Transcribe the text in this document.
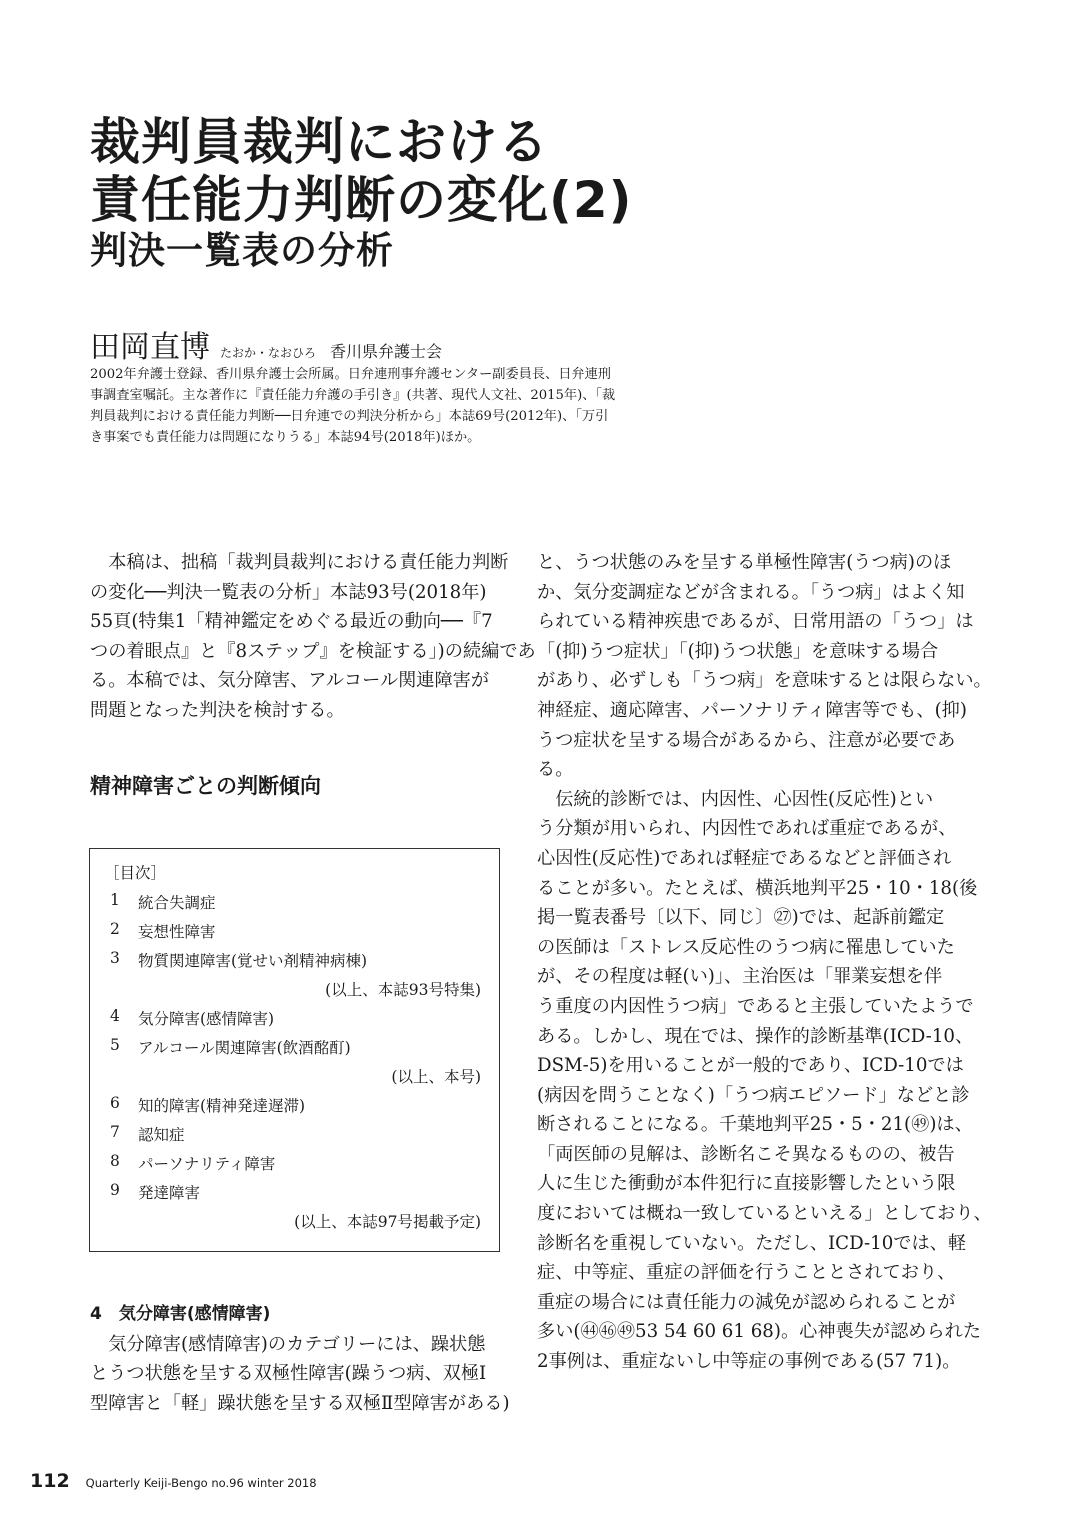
裁判員裁判における
責任能力判断の変化(2)
判決一覧表の分析
田岡直博 たおか・なおひろ 香川県弁護士会
2002年弁護士登録、香川県弁護士会所属。日弁連刑事弁護センター副委員長、日弁連刑
事調査室嘱託。主な著作に『責任能力弁護の手引き』(共著、現代人文社、2015年)、「裁
判員裁判における責任能力判断──日弁連での判決分析から」本誌69号(2012年)、「万引
き事案でも責任能力は問題になりうる」本誌94号(2018年)ほか。
　本稿は、拙稿「裁判員裁判における責任能力判断
の変化──判決一覧表の分析」本誌93号(2018年)
55頁(特集1「精神鑑定をめぐる最近の動向──『7
つの着眼点』と『8ステップ』を検証する」)の続編であ
る。本稿では、気分障害、アルコール関連障害が
問題となった判決を検討する。
精神障害ごとの判断傾向
［目次］
1 統合失調症
2 妄想性障害
3 物質関連障害(覚せい剤精神病棟)
(以上、本誌93号特集)
4 気分障害(感情障害)
5 アルコール関連障害(飲酒酩酊)
(以上、本号)
6 知的障害(精神発達遅滞)
7 認知症
8 パーソナリティ障害
9 発達障害
(以上、本誌97号掲載予定)
4　気分障害(感情障害)
　気分障害(感情障害)のカテゴリーには、躁状態
とうつ状態を呈する双極性障害(躁うつ病、双極Ⅰ
型障害と「軽」躁状態を呈する双極Ⅱ型障害がある)
と、うつ状態のみを呈する単極性障害(うつ病)のほ
か、気分変調症などが含まれる。「うつ病」はよく知
られている精神疾患であるが、日常用語の「うつ」は
「(抑)うつ症状」「(抑)うつ状態」を意味する場合
があり、必ずしも「うつ病」を意味するとは限らない。
神経症、適応障害、パーソナリティ障害等でも、(抑)
うつ症状を呈する場合があるから、注意が必要であ
る。
　伝統的診断では、内因性、心因性(反応性)とい
う分類が用いられ、内因性であれば重症であるが、
心因性(反応性)であれば軽症であるなどと評価され
ることが多い。たとえば、横浜地判平25・10・18(後
掲一覧表番号〔以下、同じ〕㉗)では、起訴前鑑定
の医師は「ストレス反応性のうつ病に罹患していた
が、その程度は軽(い)」、主治医は「罪業妄想を伴
う重度の内因性うつ病」であると主張していたようで
ある。しかし、現在では、操作的診断基準(ICD-10、
DSM-5)を用いることが一般的であり、ICD-10では
(病因を問うことなく)「うつ病エピソード」などと診
断されることになる。千葉地判平25・5・21(㊾)は、
「両医師の見解は、診断名こそ異なるものの、被告
人に生じた衝動が本件犯行に直接影響したという限
度においては概ね一致しているといえる」としており、
診断名を重視していない。ただし、ICD-10では、軽
症、中等症、重症の評価を行うこととされており、
重症の場合には責任能力の減免が認められることが
多い(㊹㊻㊾53 54 60 61 68)。心神喪失が認められた
2事例は、重症ないし中等症の事例である(57 71)。
112 Quarterly Keiji-Bengo no.96 winter 2018
